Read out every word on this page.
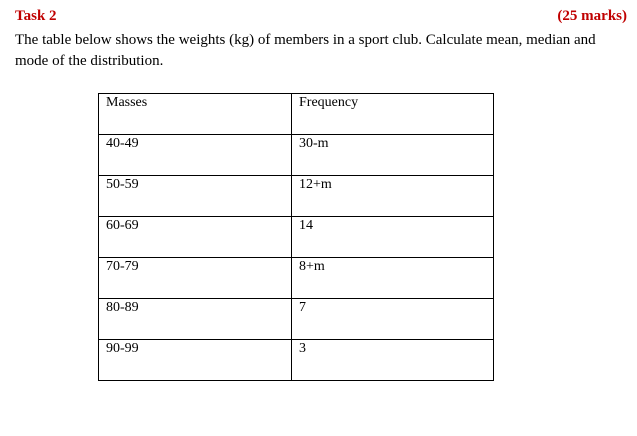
Task 2	(25 marks)
The table below shows the weights (kg) of members in a sport club. Calculate mean, median and
mode of the distribution.
Masses	Frequency
40-49	30-m
50-59	12+m
60-69	14
70-79	8+m
80-89	7
90-99	3
